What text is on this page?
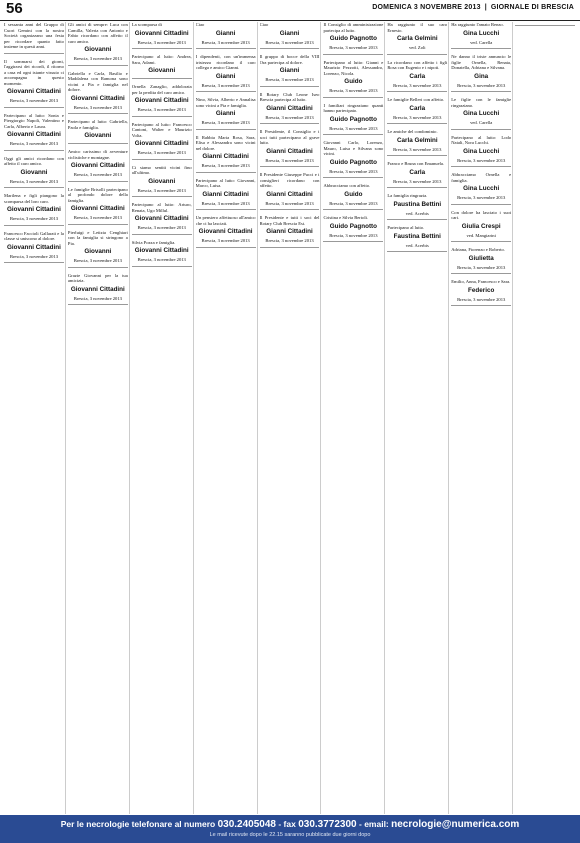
56	DOMENICA 3 NOVEMBRE 2013 | GIORNALE DI BRESCIA
I sessanta anni del Gruppo di Cuori Gemini con la nostra Società organizzano una festa per ricordare quanto fatto insieme in questi anni.
Il sommarsi dei giorni, l'aggirarsi dei ricordi, il ritorno a casa ed ogni istante vissuto ci accompagna in questo momento.
Giovanni Cittadini
Brescia, 3 novembre 2013
Partecipano al lutto: Sonia e Piergiorgio Napoli, Valentino e Carla, Alberto e Laura.
Giovanni Cittadini
Brescia, 3 novembre 2013
Oggi gli amici ricordano con affetto il caro amico.
Giovanni
Brescia, 3 novembre 2013
Marilena e figli piangono la scomparsa del loro caro.
Giovanni Cittadini
Brescia, 3 novembre 2013
Francesco Faccioli Gallarati e la classe si uniscono al dolore.
Giovanni Cittadini
Brescia, 3 novembre 2013
Gli amici di sempre: Luca con Camilla, Valeria con Antonio e Fabio ricordano con affetto il caro amico.
Giovanni
Brescia, 3 novembre 2013
Gabriella e Carla, Basilio e Maddalena con Ramona sono vicini a Pia e famiglia nel dolore.
Giovanni Cittadini
Brescia, 3 novembre 2013
Partecipano al lutto: Gabriella, Paola e famiglia.
Giovanni
Amico carissimo di avventure ciclistiche e montagne.
Giovanni Cittadini
Brescia, 3 novembre 2013
Le famiglie Brisolli partecipano al profondo dolore della famiglia.
Giovanni Cittadini
Brescia, 3 novembre 2013
Pierluigi e Letizia Cenghiari con la famiglia si stringono a Pia.
Giovanni
Brescia, 3 novembre 2013
Grazie Giovanni per la tua amicizia.
Giovanni Cittadini
Brescia, 3 novembre 2013
La scomparsa di
Giovanni Cittadini
Brescia, 3 novembre 2013
Partecipano al lutto: Andrea, Sara, Adami.
Giovanni
Ornella Zanaglio, addolorata per la perdita del caro amico.
Giovanni Cittadini
Brescia, 3 novembre 2013
Partecipano al lutto: Francesco Cantoni, Walter e Maurizio Volta.
Giovanni Cittadini
Brescia, 3 novembre 2013
Ci siamo sentiti vicini fino all'ultimo.
Giovanni
Brescia, 3 novembre 2013
Partecipano al lutto: Arturo, Renata, Ugo Millul.
Giovanni Cittadini
Brescia, 3 novembre 2013
Silvia Pozza e famiglia.
Giovanni Cittadini
Brescia, 3 novembre 2013
Ciao
Gianni
Brescia, 3 novembre 2013
I dipendenti, con un'immensa tristezza ricordano il caro collega e amico Gianni.
Gianni
Brescia, 3 novembre 2013
Nino, Silvia, Alberto e Annalisa sono vicini a Pia e famiglia.
Gianni
Brescia, 3 novembre 2013
Il Rabbia Maria Rosa, Sara, Elisa e Alessandra sono vicini nel dolore.
Gianni Cittadini
Brescia, 3 novembre 2013
Partecipano al lutto: Giovanni, Marco, Luisa.
Gianni Cittadini
Brescia, 3 novembre 2013
Un pensiero affettuoso all'amico che ci ha lasciati.
Giovanni Cittadini
Brescia, 3 novembre 2013
Ciao
Gianni
Brescia, 3 novembre 2013
Il gruppo di bocce della VIII Ora partecipa al dolore.
Gianni
Brescia, 3 novembre 2013
Il Rotary Club Leone Iseo Brescia partecipa al lutto.
Gianni Cittadini
Brescia, 3 novembre 2013
Il Presidente, il Consiglio e i soci tutti partecipano al grave lutto.
Gianni Cittadini
Brescia, 3 novembre 2013
Il Presidente Giuseppe Pucci e i consiglieri ricordano con affetto.
Gianni Cittadini
Brescia, 3 novembre 2013
Il Presidente e tutti i soci del Rotary Club Brescia Est.
Gianni Cittadini
Brescia, 3 novembre 2013
Il Consiglio di amministrazione partecipa al lutto.
Guido Pagnotto
Brescia, 3 novembre 2013
Partecipano al lutto: Gianni e Maurizio Pezzotti, Alessandro, Lorenzo, Nicola.
Guido
Brescia, 3 novembre 2013
I familiari ringraziano quanti hanno partecipato.
Guido Pagnotto
Brescia, 3 novembre 2013
Giovanni Carlo, Lorenzo, Mauro, Luisa e Silvana sono vicini.
Guido Pagnotto
Brescia, 3 novembre 2013
Abbracciamo con affetto.
Guido
Brescia, 3 novembre 2013
Cristina e Silvia Bertoli.
Guido Pagnotto
Brescia, 3 novembre 2013
Ha raggiunto il suo caro Ernesto.
Carla Gelmini
ved. Zoli
La ricordano con affetto i figli Rosa con Eugenio e i nipoti.
Carla
Brescia, 3 novembre 2013
Le famiglie Belleri con affetto.
Carla
Brescia, 3 novembre 2013
Le amiche del condominio.
Carla Gelmini
Brescia, 3 novembre 2013
Franco e Bruna con Emanuela.
Carla
Brescia, 3 novembre 2013
La famiglia ringrazia.
Paustina Bettini
ved. Acerbis
Partecipano al lutto.
Faustina Bettini
ved. Acerbis
Ha raggiunto l'amato Renzo.
Gina Lucchi
ved. Carella
Ne danno il triste annuncio le figlie Ornella, Renata, Donatella, Adriana e Silvana.
Gina
Brescia, 3 novembre 2013
Le figlie con le famiglie ringraziano.
Gina Lucchi
ved. Carella
Partecipano al lutto: Lodo Natali, Nora Lucchi.
Gina Lucchi
Brescia, 3 novembre 2013
Abbracciamo Ornella e famiglia.
Gina Lucchi
Brescia, 3 novembre 2013
Con dolore ha lasciato i suoi cari.
Giulia Crespi
ved. Mangiarini
Adriana, Fiorenzo e Roberto.
Giulietta
Brescia, 3 novembre 2013
Emilio, Anna, Francesco e Sara.
Federico
Brescia, 3 novembre 2013
Per le necrologie telefonare al numero 030.2405048 - fax 030.3772300 - email: necrologie@numerica.com
Le mail ricevute dopo le 22.15 saranno pubblicate due giorni dopo
